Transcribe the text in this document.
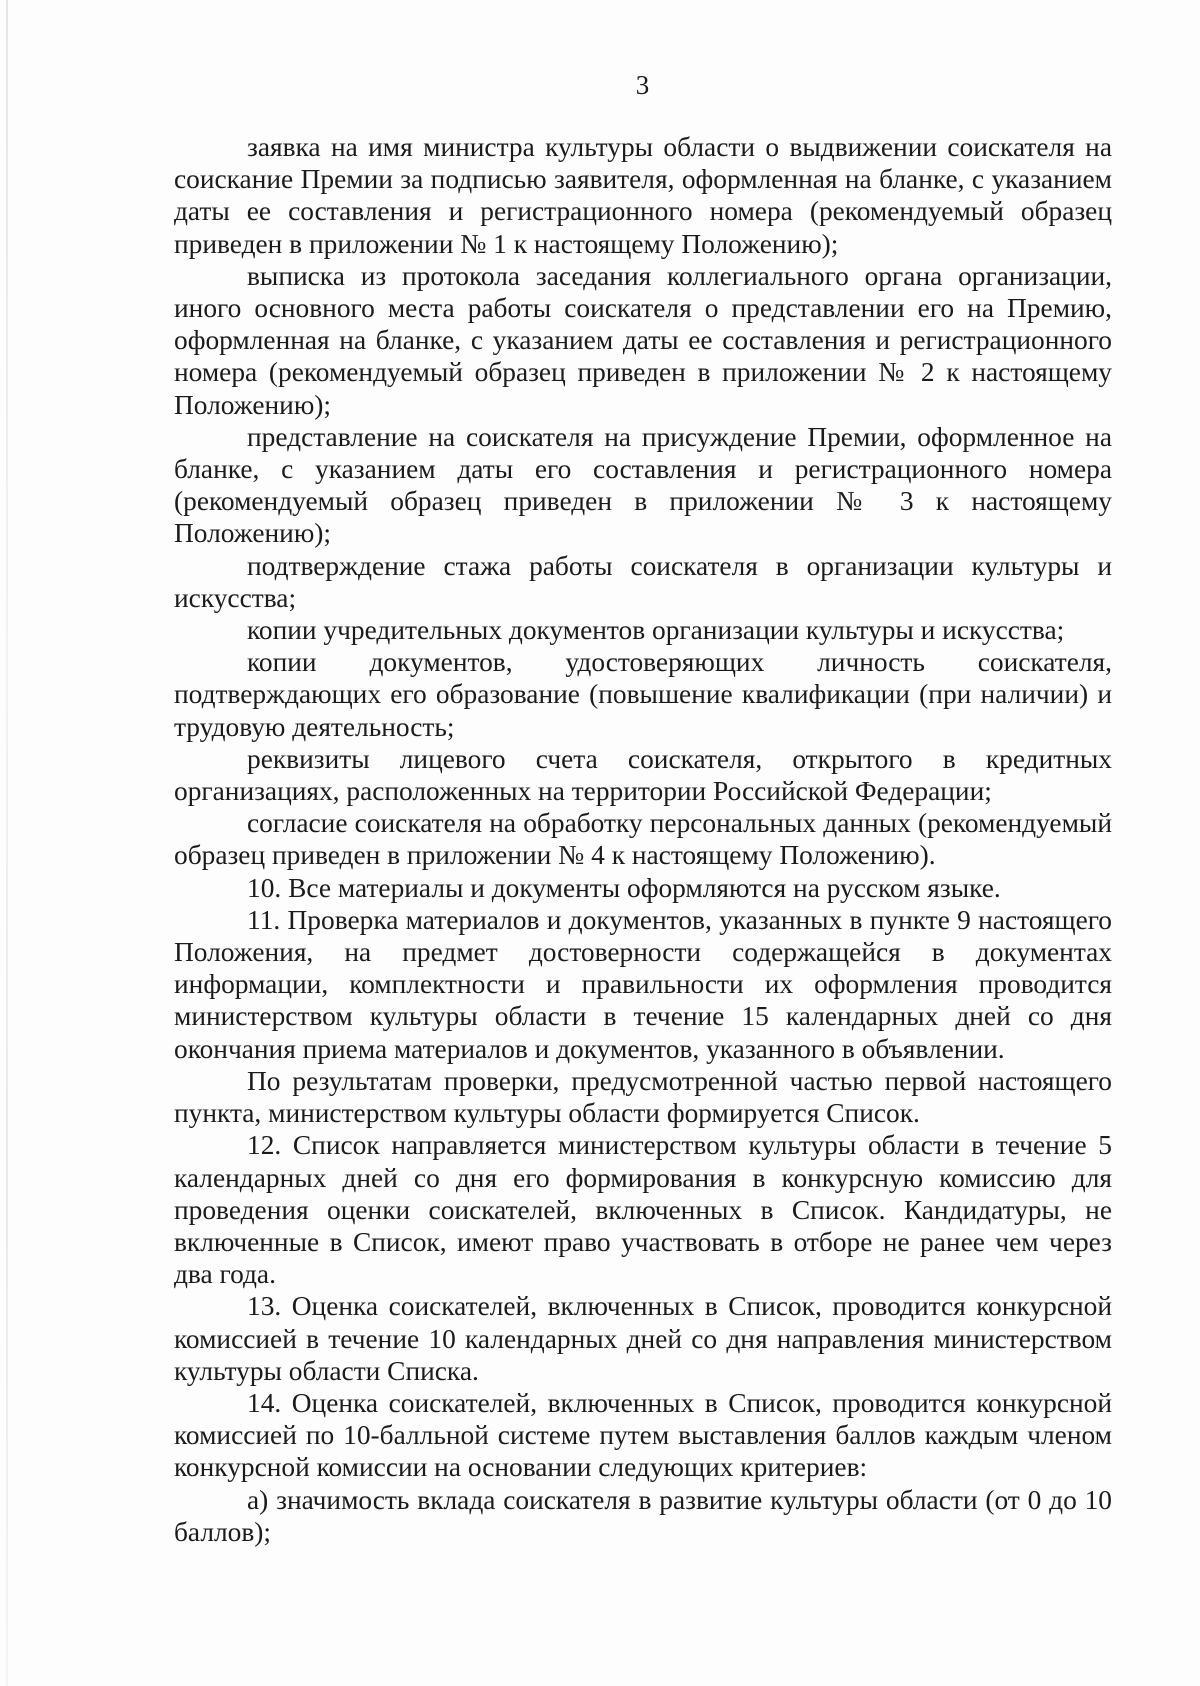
3

заявка на имя министра культуры области о выдвижении соискателя на соискание Премии за подписью заявителя, оформленная на бланке, с указанием даты ее составления и регистрационного номера (рекомендуемый образец приведен в приложении № 1 к настоящему Положению);

выписка из протокола заседания коллегиального органа организации, иного основного места работы соискателя о представлении его на Премию, оформленная на бланке, с указанием даты ее составления и регистрационного номера (рекомендуемый образец приведен в приложении № 2 к настоящему Положению);

представление на соискателя на присуждение Премии, оформленное на бланке, с указанием даты его составления и регистрационного номера (рекомендуемый образец приведен в приложении № 3 к настоящему Положению);

подтверждение стажа работы соискателя в организации культуры и искусства;

копии учредительных документов организации культуры и искусства;

копии документов, удостоверяющих личность соискателя, подтверждающих его образование (повышение квалификации (при наличии) и трудовую деятельность;

реквизиты лицевого счета соискателя, открытого в кредитных организациях, расположенных на территории Российской Федерации;

согласие соискателя на обработку персональных данных (рекомендуемый образец приведен в приложении № 4 к настоящему Положению).

10. Все материалы и документы оформляются на русском языке.

11. Проверка материалов и документов, указанных в пункте 9 настоящего Положения, на предмет достоверности содержащейся в документах информации, комплектности и правильности их оформления проводится министерством культуры области в течение 15 календарных дней со дня окончания приема материалов и документов, указанного в объявлении.

По результатам проверки, предусмотренной частью первой настоящего пункта, министерством культуры области формируется Список.

12. Список направляется министерством культуры области в течение 5 календарных дней со дня его формирования в конкурсную комиссию для проведения оценки соискателей, включенных в Список. Кандидатуры, не включенные в Список, имеют право участвовать в отборе не ранее чем через два года.

13. Оценка соискателей, включенных в Список, проводится конкурсной комиссией в течение 10 календарных дней со дня направления министерством культуры области Списка.

14. Оценка соискателей, включенных в Список, проводится конкурсной комиссией по 10-балльной системе путем выставления баллов каждым членом конкурсной комиссии на основании следующих критериев:

а) значимость вклада соискателя в развитие культуры области (от 0 до 10 баллов);
